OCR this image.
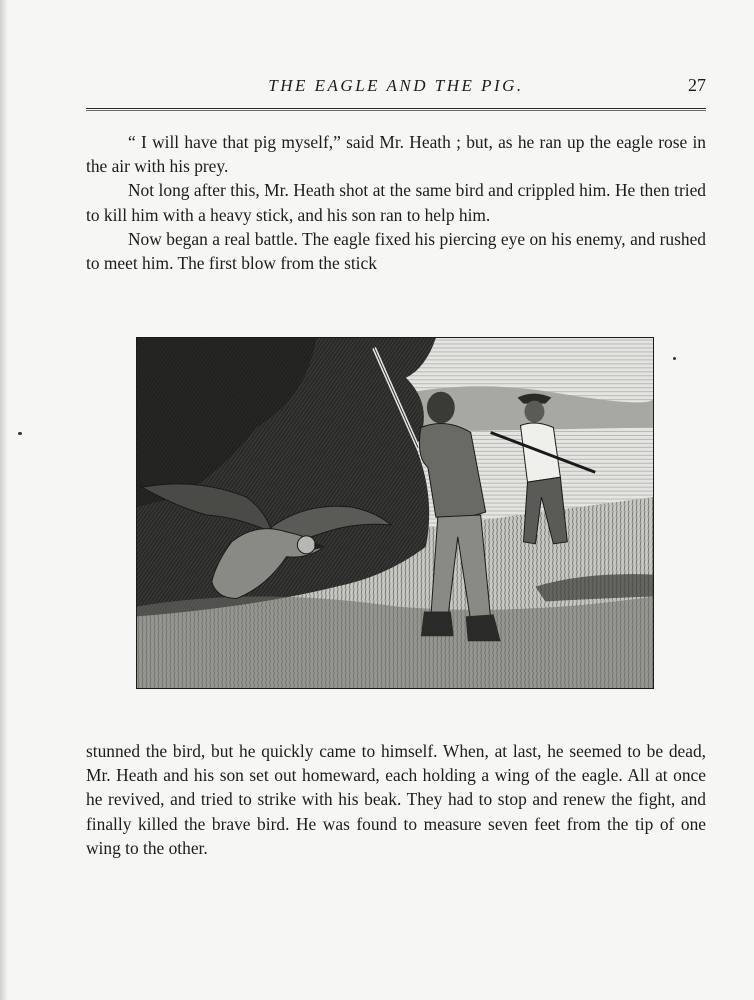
THE EAGLE AND THE PIG.	27

“ I will have that pig myself,” said Mr. Heath ; but, as he ran up the eagle rose in the air with his prey.

Not long after this, Mr. Heath shot at the same bird and crippled him. He then tried to kill him with a heavy stick, and his son ran to help him.

Now began a real battle. The eagle fixed his piercing eye on his enemy, and rushed to meet him. The first blow from the stick

stunned the bird, but he quickly came to himself. When, at last, he seemed to be dead, Mr. Heath and his son set out homeward, each holding a wing of the eagle. All at once he revived, and tried to strike with his beak. They had to stop and renew the fight, and finally killed the brave bird. He was found to measure seven feet from the tip of one wing to the other.
